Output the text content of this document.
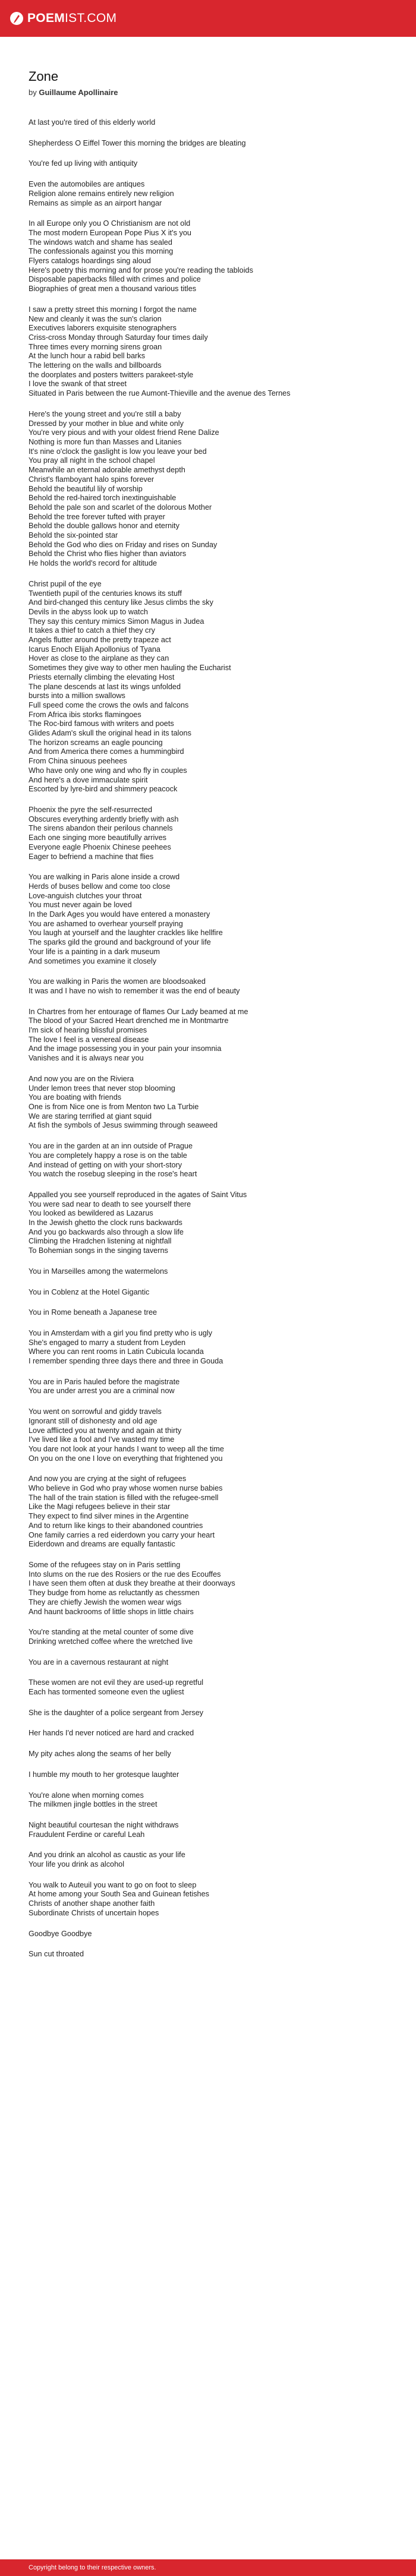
POEMIST.COM
Zone
by Guillaume Apollinaire
At last you're tired of this elderly world
Shepherdess O Eiffel Tower this morning the bridges are bleating
You're fed up living with antiquity
Even the automobiles are antiques
Religion alone remains entirely new religion
Remains as simple as an airport hangar
In all Europe only you O Christianism are not old
The most modern European Pope Pius X it's you
The windows watch and shame has sealed
The confessionals against you this morning
Flyers catalogs hoardings sing aloud
Here's poetry this morning and for prose you're reading the tabloids
Disposable paperbacks filled with crimes and police
Biographies of great men a thousand various titles
I saw a pretty street this morning I forgot the name
New and cleanly it was the sun's clarion
Executives laborers exquisite stenographers
Criss-cross Monday through Saturday four times daily
Three times every morning sirens groan
At the lunch hour a rabid bell barks
The lettering on the walls and billboards
the doorplates and posters twitters parakeet-style
I love the swank of that street
Situated in Paris between the rue Aumont-Thieville and the avenue des Ternes
Here's the young street and you're still a baby
Dressed by your mother in blue and white only
You're very pious and with your oldest friend Rene Dalize
Nothing is more fun than Masses and Litanies
It's nine o'clock the gaslight is low you leave your bed
You pray all night in the school chapel
Meanwhile an eternal adorable amethyst depth
Christ's flamboyant halo spins forever
Behold the beautiful lily of worship
Behold the red-haired torch inextinguishable
Behold the pale son and scarlet of the dolorous Mother
Behold the tree forever tufted with prayer
Behold the double gallows honor and eternity
Behold the six-pointed star
Behold the God who dies on Friday and rises on Sunday
Behold the Christ who flies higher than aviators
He holds the world's record for altitude
Christ pupil of the eye
Twentieth pupil of the centuries knows its stuff
And bird-changed this century like Jesus climbs the sky
Devils in the abyss look up to watch
They say this century mimics Simon Magus in Judea
It takes a thief to catch a thief they cry
Angels flutter around the pretty trapeze act
Icarus Enoch Elijah Apollonius of Tyana
Hover as close to the airplane as they can
Sometimes they give way to other men hauling the Eucharist
Priests eternally climbing the elevating Host
The plane descends at last its wings unfolded
bursts into a million swallows
Full speed come the crows the owls and falcons
From Africa ibis storks flamingoes
The Roc-bird famous with writers and poets
Glides Adam's skull the original head in its talons
The horizon screams an eagle pouncing
And from America there comes a hummingbird
From China sinuous peehees
Who have only one wing and who fly in couples
And here's a dove immaculate spirit
Escorted by lyre-bird and shimmery peacock
Phoenix the pyre the self-resurrected
Obscures everything ardently briefly with ash
The sirens abandon their perilous channels
Each one singing more beautifully arrives
Everyone eagle Phoenix Chinese peehees
Eager to befriend a machine that flies
You are walking in Paris alone inside a crowd
Herds of buses bellow and come too close
Love-anguish clutches your throat
You must never again be loved
In the Dark Ages you would have entered a monastery
You are ashamed to overhear yourself praying
You laugh at yourself and the laughter crackles like hellfire
The sparks gild the ground and background of your life
Your life is a painting in a dark museum
And sometimes you examine it closely
You are walking in Paris the women are bloodsoaked
It was and I have no wish to remember it was the end of beauty
In Chartres from her entourage of flames Our Lady beamed at me
The blood of your Sacred Heart drenched me in Montmartre
I'm sick of hearing blissful promises
The love I feel is a venereal disease
And the image possessing you in your pain your insomnia
Vanishes and it is always near you
And now you are on the Riviera
Under lemon trees that never stop blooming
You are boating with friends
One is from Nice one is from Menton two La Turbie
We are staring terrified at giant squid
At fish the symbols of Jesus swimming through seaweed
You are in the garden at an inn outside of Prague
You are completely happy a rose is on the table
And instead of getting on with your short-story
You watch the rosebug sleeping in the rose's heart
Appalled you see yourself reproduced in the agates of Saint Vitus
You were sad near to death to see yourself there
You looked as bewildered as Lazarus
In the Jewish ghetto the clock runs backwards
And you go backwards also through a slow life
Climbing the Hradchen listening at nightfall
To Bohemian songs in the singing taverns
You in Marseilles among the watermelons
You in Coblenz at the Hotel Gigantic
You in Rome beneath a Japanese tree
You in Amsterdam with a girl you find pretty who is ugly
She's engaged to marry a student from Leyden
Where you can rent rooms in Latin Cubicula locanda
I remember spending three days there and three in Gouda
You are in Paris hauled before the magistrate
You are under arrest you are a criminal now
You went on sorrowful and giddy travels
Ignorant still of dishonesty and old age
Love afflicted you at twenty and again at thirty
I've lived like a fool and I've wasted my time
You dare not look at your hands I want to weep all the time
On you on the one I love on everything that frightened you
And now you are crying at the sight of refugees
Who believe in God who pray whose women nurse babies
The hall of the train station is filled with the refugee-smell
Like the Magi refugees believe in their star
They expect to find silver mines in the Argentine
And to return like kings to their abandoned countries
One family carries a red eiderdown you carry your heart
Eiderdown and dreams are equally fantastic
Some of the refugees stay on in Paris settling
Into slums on the rue des Rosiers or the rue des Ecouffes
I have seen them often at dusk they breathe at their doorways
They budge from home as reluctantly as chessmen
They are chiefly Jewish the women wear wigs
And haunt backrooms of little shops in little chairs
You're standing at the metal counter of some dive
Drinking wretched coffee where the wretched live
You are in a cavernous restaurant at night
These women are not evil they are used-up regretful
Each has tormented someone even the ugliest
She is the daughter of a police sergeant from Jersey
Her hands I'd never noticed are hard and cracked
My pity aches along the seams of her belly
I humble my mouth to her grotesque laughter
You're alone when morning comes
The milkmen jingle bottles in the street
Night beautiful courtesan the night withdraws
Fraudulent Ferdine or careful Leah
And you drink an alcohol as caustic as your life
Your life you drink as alcohol
You walk to Auteuil you want to go on foot to sleep
At home among your South Sea and Guinean fetishes
Christs of another shape another faith
Subordinate Christs of uncertain hopes
Goodbye Goodbye
Sun cut throated
Copyright belong to their respective owners.
